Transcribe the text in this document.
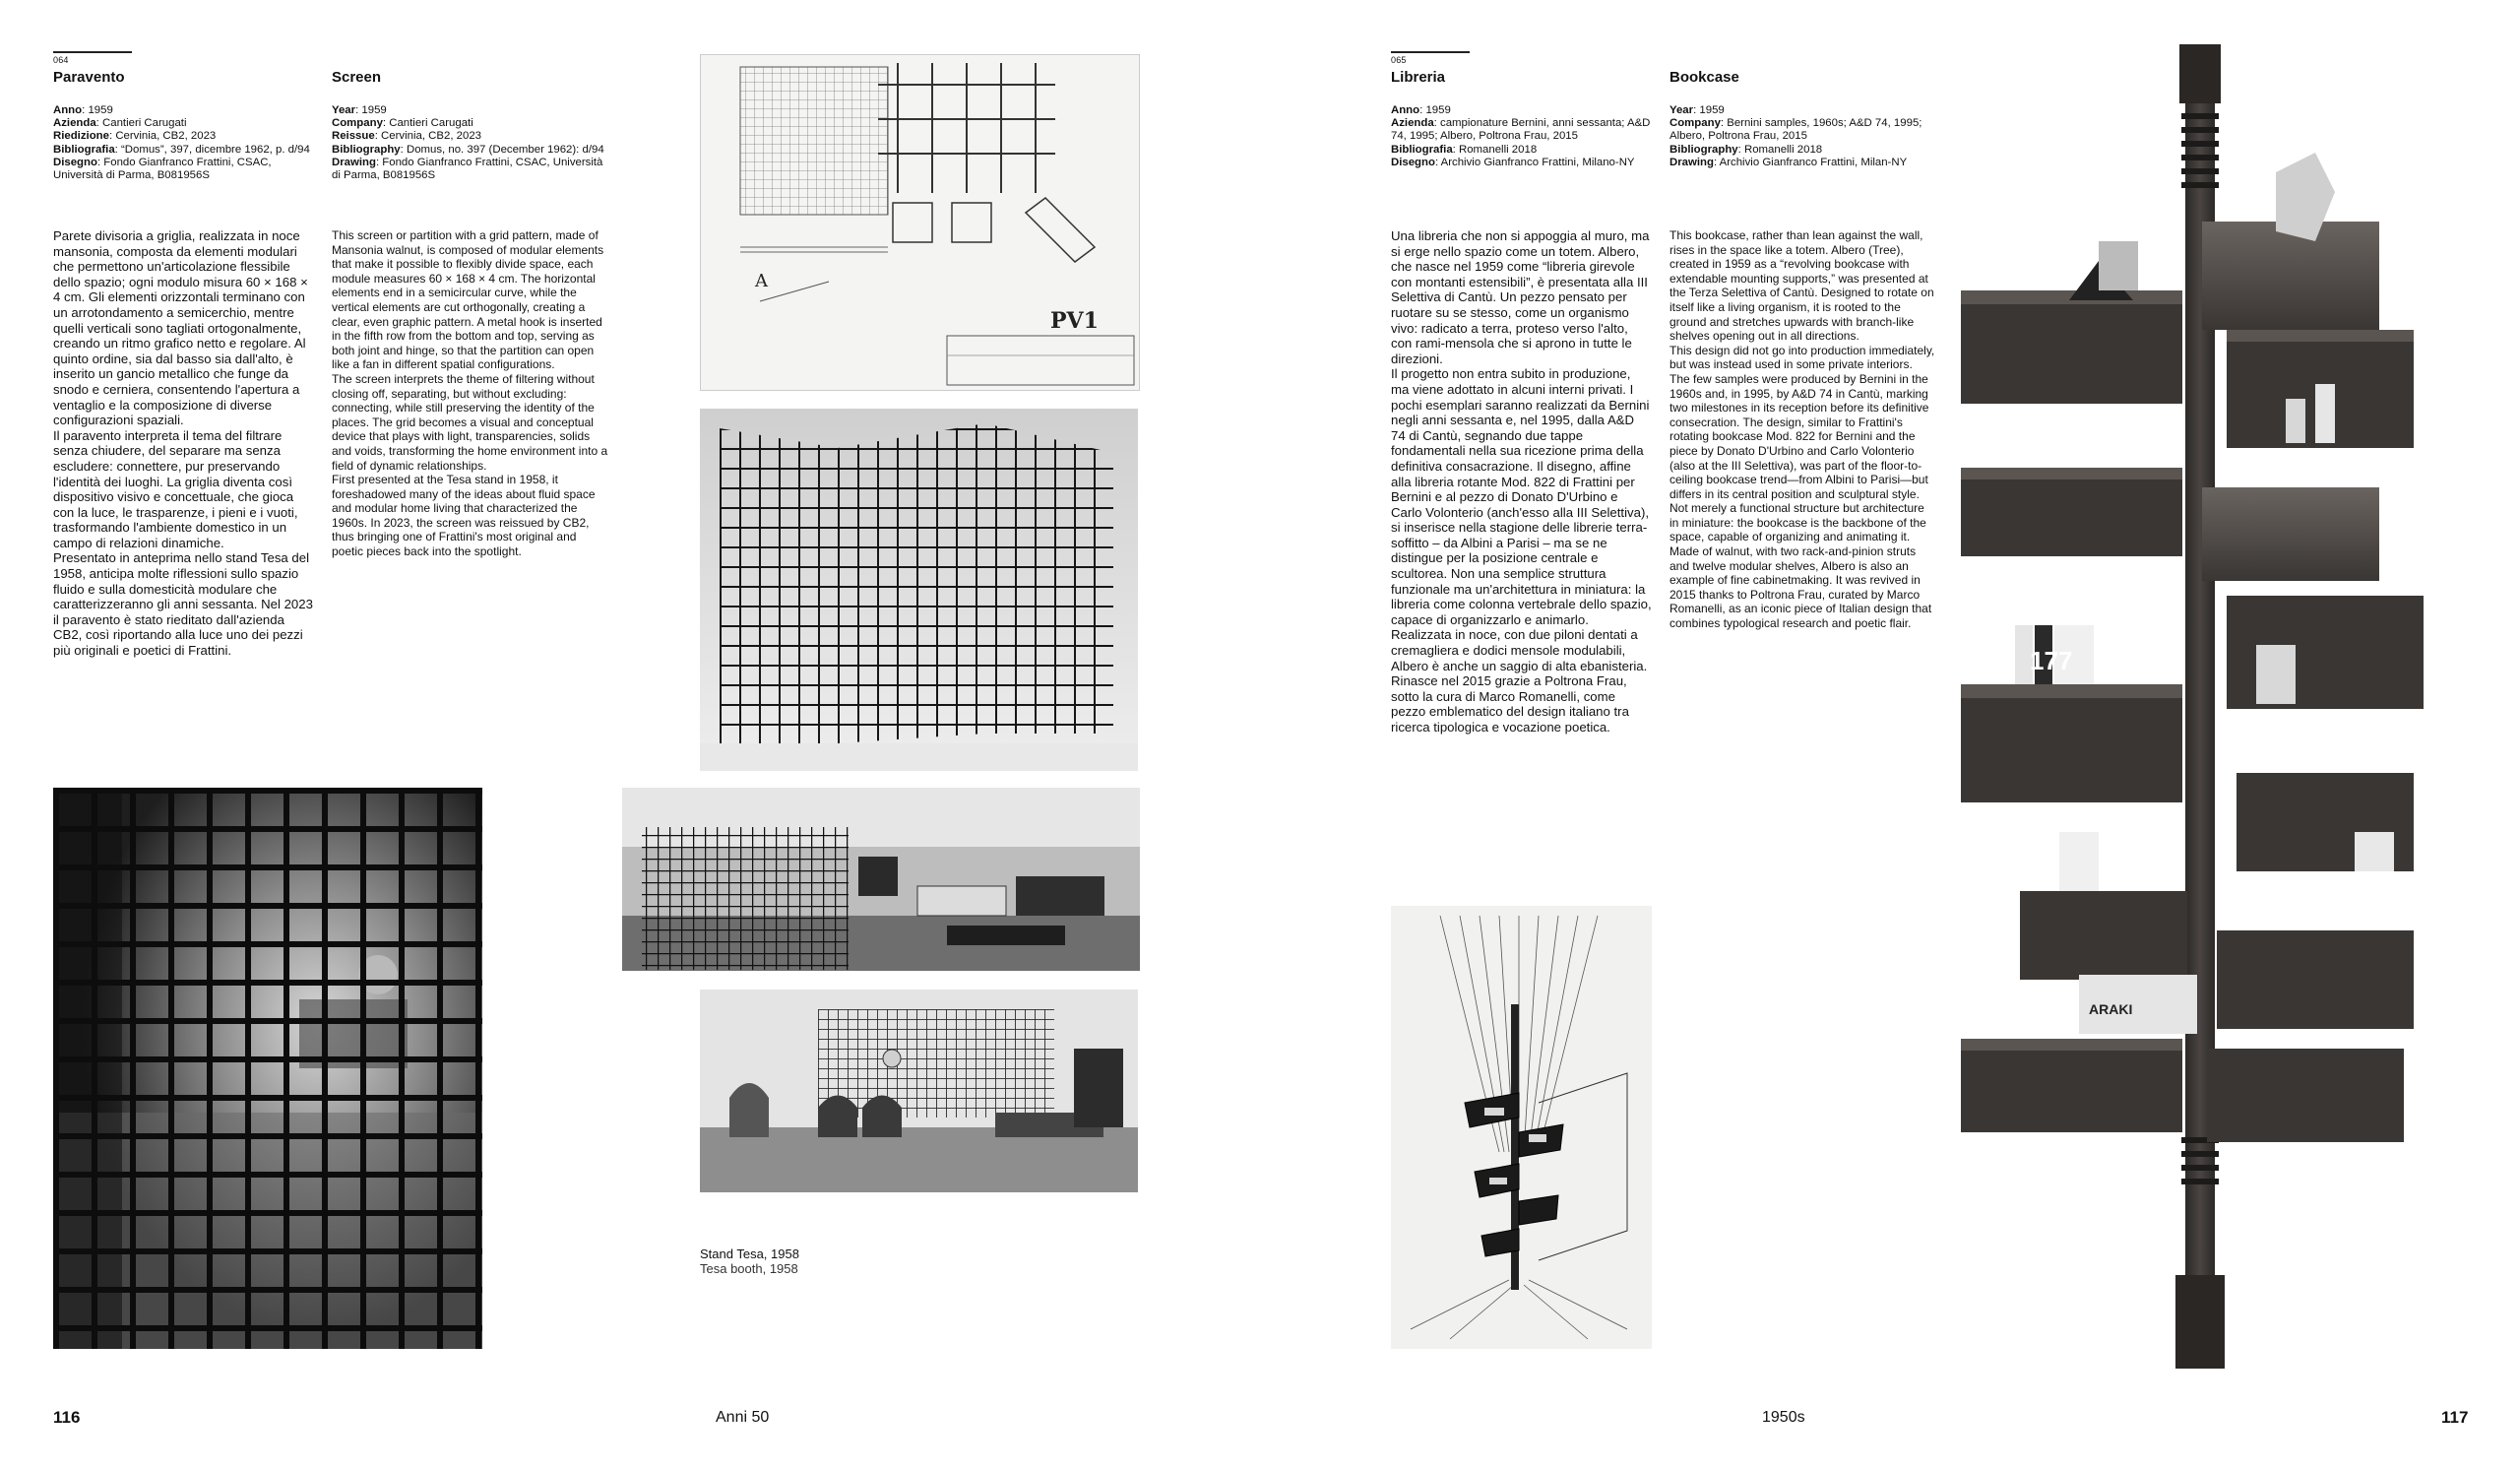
064
Paravento	Screen
Anno: 1959
Azienda: Cantieri Carugati
Riedizione: Cervinia, CB2, 2023
Bibliografia: “Domus”, 397, dicembre 1962, p. d/94
Disegno: Fondo Gianfranco Frattini, CSAC, Università di Parma, B081956S
Year: 1959
Company: Cantieri Carugati
Reissue: Cervinia, CB2, 2023
Bibliography: Domus, no. 397 (December 1962): d/94
Drawing: Fondo Gianfranco Frattini, CSAC, Università di Parma, B081956S

Parete divisoria a griglia, realizzata in noce mansonia, composta da elementi modulari che permettono un'articolazione flessibile dello spazio; ogni modulo misura 60 × 168 × 4 cm. Gli elementi orizzontali terminano con un arrotondamento a semicerchio, mentre quelli verticali sono tagliati ortogonalmente, creando un ritmo grafico netto e regolare. Al quinto ordine, sia dal basso sia dall'alto, è inserito un gancio metallico che funge da snodo e cerniera, consentendo l'apertura a ventaglio e la composizione di diverse configurazioni spaziali.

Il paravento interpreta il tema del filtrare senza chiudere, del separare ma senza escludere: connettere, pur preservando l'identità dei luoghi. La griglia diventa così dispositivo visivo e concettuale, che gioca con la luce, le trasparenze, i pieni e i vuoti, trasformando l'ambiente domestico in un campo di relazioni dinamiche.

Presentato in anteprima nello stand Tesa del 1958, anticipa molte riflessioni sullo spazio fluido e sulla domesticità modulare che caratterizzeranno gli anni sessanta. Nel 2023 il paravento è stato rieditato dall'azienda CB2, così riportando alla luce uno dei pezzi più originali e poetici di Frattini.

This screen or partition with a grid pattern, made of Mansonia walnut, is composed of modular elements that make it possible to flexibly divide space, each module measures 60 × 168 × 4 cm. The horizontal elements end in a semicircular curve, while the vertical elements are cut orthogonally, creating a clear, even graphic pattern. A metal hook is inserted in the fifth row from the bottom and top, serving as both joint and hinge, so that the partition can open like a fan in different spatial configurations.

The screen interprets the theme of filtering without closing off, separating, but without excluding: connecting, while still preserving the identity of the places. The grid becomes a visual and conceptual device that plays with light, transparencies, solids and voids, transforming the home environment into a field of dynamic relationships.

First presented at the Tesa stand in 1958, it foreshadowed many of the ideas about fluid space and modular home living that characterized the 1960s. In 2023, the screen was reissued by CB2, thus bringing one of Frattini's most original and poetic pieces back into the spotlight.

PV1
A
Stand Tesa, 1958
Tesa booth, 1958
116	Anni 50
065
Libreria	Bookcase
Anno: 1959
Azienda: campionature Bernini, anni sessanta; A&D 74, 1995; Albero, Poltrona Frau, 2015
Bibliografia: Romanelli 2018
Disegno: Archivio Gianfranco Frattini, Milano-NY
Year: 1959
Company: Bernini samples, 1960s; A&D 74, 1995; Albero, Poltrona Frau, 2015
Bibliography: Romanelli 2018
Drawing: Archivio Gianfranco Frattini, Milan-NY

Una libreria che non si appoggia al muro, ma si erge nello spazio come un totem. Albero, che nasce nel 1959 come “libreria girevole con montanti estensibili”, è presentata alla III Selettiva di Cantù. Un pezzo pensato per ruotare su se stesso, come un organismo vivo: radicato a terra, proteso verso l'alto, con rami-mensola che si aprono in tutte le direzioni.

Il progetto non entra subito in produzione, ma viene adottato in alcuni interni privati. I pochi esemplari saranno realizzati da Bernini negli anni sessanta e, nel 1995, dalla A&D 74 di Cantù, segnando due tappe fondamentali nella sua ricezione prima della definitiva consacrazione. Il disegno, affine alla libreria rotante Mod. 822 di Frattini per Bernini e al pezzo di Donato D'Urbino e Carlo Volonterio (anch'esso alla III Selettiva), si inserisce nella stagione delle librerie terra-soffitto – da Albini a Parisi – ma se ne distingue per la posizione centrale e scultorea. Non una semplice struttura funzionale ma un'architettura in miniatura: la libreria come colonna vertebrale dello spazio, capace di organizzarlo e animarlo.

Realizzata in noce, con due piloni dentati a cremagliera e dodici mensole modulabili, Albero è anche un saggio di alta ebanisteria. Rinasce nel 2015 grazie a Poltrona Frau, sotto la cura di Marco Romanelli, come pezzo emblematico del design italiano tra ricerca tipologica e vocazione poetica.

This bookcase, rather than lean against the wall, rises in the space like a totem. Albero (Tree), created in 1959 as a “revolving bookcase with extendable mounting supports,” was presented at the Terza Selettiva of Cantù. Designed to rotate on itself like a living organism, it is rooted to the ground and stretches upwards with branch-like shelves opening out in all directions.

This design did not go into production immediately, but was instead used in some private interiors. The few samples were produced by Bernini in the 1960s and, in 1995, by A&D 74 in Cantù, marking two milestones in its reception before its definitive consecration. The design, similar to Frattini's rotating bookcase Mod. 822 for Bernini and the piece by Donato D'Urbino and Carlo Volonterio (also at the III Selettiva), was part of the floor-to-ceiling bookcase trend—from Albini to Parisi—but differs in its central position and sculptural style. Not merely a functional structure but architecture in miniature: the bookcase is the backbone of the space, capable of organizing and animating it.

Made of walnut, with two rack-and-pinion struts and twelve modular shelves, Albero is also an example of fine cabinetmaking. It was revived in 2015 thanks to Poltrona Frau, curated by Marco Romanelli, as an iconic piece of Italian design that combines typological research and poetic flair.

177
ARAKI
1950s	117
